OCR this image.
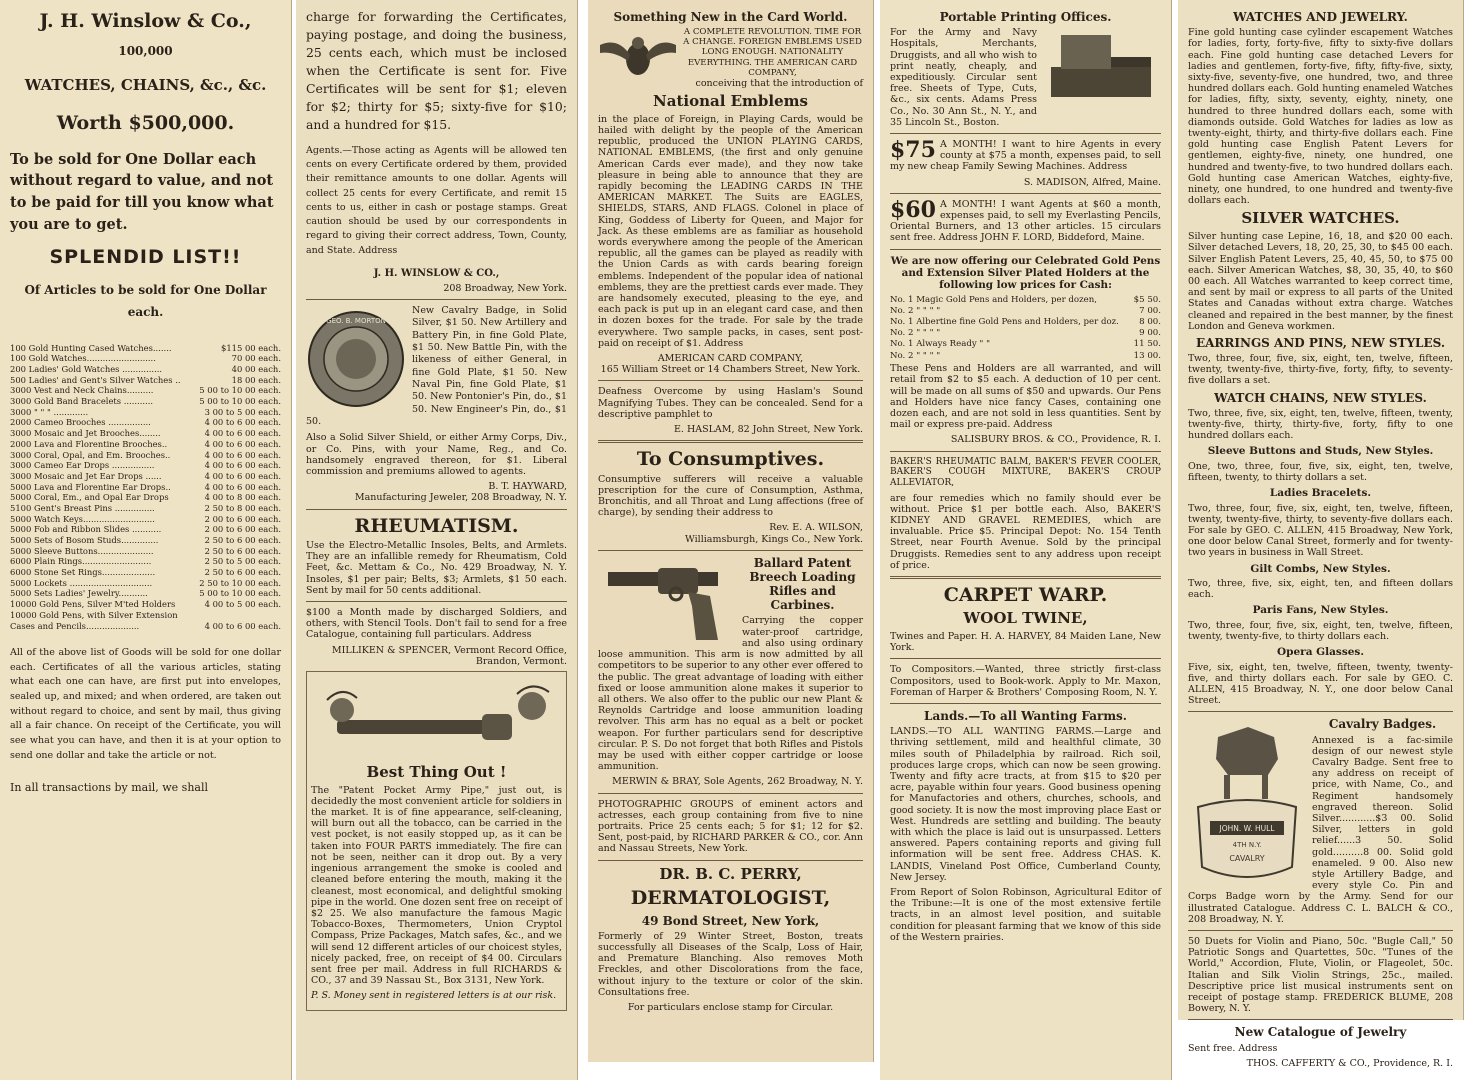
J. H. Winslow & Co.,
100,000
WATCHES, CHAINS, &c., &c.
Worth $500,000.
To be sold for One Dollar each without regard to value, and not to be paid for till you know what you are to get.
SPLENDID LIST!!
Of Articles to be sold for One Dollar each.
100 Gold Hunting Cased Watches.......	$115 00 each.
100 Gold Watches..........................	70 00 each.
200 Ladies' Gold Watches ...............	40 00 each.
500 Ladies' and Gent's Silver Watches ..	18 00 each.
3000 Vest and Neck Chains..........	5 00 to 10 00 each.
3000 Gold Band Bracelets ...........	5 00 to 10 00 each.
3000 " " " .............	3 00 to 5 00 each.
2000 Cameo Brooches ................	4 00 to 6 00 each.
3000 Mosaic and Jet Brooches........	4 00 to 6 00 each.
2000 Lava and Florentine Brooches..	4 00 to 6 00 each.
3000 Coral, Opal, and Em. Brooches..	4 00 to 6 00 each.
3000 Cameo Ear Drops ................	4 00 to 6 00 each.
3000 Mosaic and Jet Ear Drops ......	4 00 to 6 00 each.
5000 Lava and Florentine Ear Drops..	4 00 to 6 00 each.
5000 Coral, Em., and Opal Ear Drops	4 00 to 8 00 each.
5100 Gent's Breast Pins ...............	2 50 to 8 00 each.
5000 Watch Keys...........................	2 00 to 6 00 each.
5000 Fob and Ribbon Slides ...........	2 00 to 6 00 each.
5000 Sets of Bosom Studs..............	2 50 to 6 00 each.
5000 Sleeve Buttons.....................	2 50 to 6 00 each.
6000 Plain Rings..........................	2 50 to 5 00 each.
6000 Stone Set Rings....................	2 50 to 6 00 each.
5000 Lockets ...............................	2 50 to 10 00 each.
5000 Sets Ladies' Jewelry...........	5 00 to 10 00 each.
10000 Gold Pens, Silver M'ted Holders	4 00 to 5 00 each.
10000 Gold Pens, with Silver Extension	
Cases and Pencils....................	4 00 to 6 00 each.
All of the above list of Goods will be sold for one dollar each. Certificates of all the various articles, stating what each one can have, are first put into envelopes, sealed up, and mixed; and when ordered, are taken out without regard to choice, and sent by mail, thus giving all a fair chance. On receipt of the Certificate, you will see what you can have, and then it is at your option to send one dollar and take the article or not.
In all transactions by mail, we shall
charge for forwarding the Certificates, paying postage, and doing the business, 25 cents each, which must be inclosed when the Certificate is sent for. Five Certificates will be sent for $1; eleven for $2; thirty for $5; sixty-five for $10; and a hundred for $15.
Agents.—Those acting as Agents will be allowed ten cents on every Certificate ordered by them, provided their remittance amounts to one dollar. Agents will collect 25 cents for every Certificate, and remit 15 cents to us, either in cash or postage stamps. Great caution should be used by our correspondents in regard to giving their correct address, Town, County, and State. Address
J. H. WINSLOW & CO.,
208 Broadway, New York.
GEO. B. MORTON
New Cavalry Badge, in Solid Silver, $1 50. New Artillery and Battery Pin, in fine Gold Plate, $1 50. New Battle Pin, with the likeness of either General, in fine Gold Plate, $1 50. New Naval Pin, fine Gold Plate, $1 50. New Pontonier's Pin, do., $1 50. New Engineer's Pin, do., $1 50.
Also a Solid Silver Shield, or either Army Corps, Div., or Co. Pins, with your Name, Reg., and Co. handsomely engraved thereon, for $1. Liberal commission and premiums allowed to agents.
B. T. HAYWARD,
Manufacturing Jeweler, 208 Broadway, N. Y.
RHEUMATISM.
Use the Electro-Metallic Insoles, Belts, and Armlets. They are an infallible remedy for Rheumatism, Cold Feet, &c. Mettam & Co., No. 429 Broadway, N. Y. Insoles, $1 per pair; Belts, $3; Armlets, $1 50 each. Sent by mail for 50 cents additional.
$100 a Month made by discharged Soldiers, and others, with Stencil Tools. Don't fail to send for a free Catalogue, containing full particulars. Address
MILLIKEN & SPENCER, Vermont Record Office, Brandon, Vermont.
Best Thing Out !
The "Patent Pocket Army Pipe," just out, is decidedly the most convenient article for soldiers in the market. It is of fine appearance, self-cleaning, will burn out all the tobacco, can be carried in the vest pocket, is not easily stopped up, as it can be taken into FOUR PARTS immediately. The fire can not be seen, neither can it drop out. By a very ingenious arrangement the smoke is cooled and cleaned before entering the mouth, making it the cleanest, most economical, and delightful smoking pipe in the world. One dozen sent free on receipt of $2 25. We also manufacture the famous Magic Tobacco-Boxes, Thermometers, Union Cryptol Compass, Prize Packages, Match safes, &c., and we will send 12 different articles of our choicest styles, nicely packed, free, on receipt of $4 00. Circulars sent free per mail. Address in full RICHARDS & CO., 37 and 39 Nassau St., Box 3131, New York.
P. S. Money sent in registered letters is at our risk.
Something New in the Card World.
A COMPLETE REVOLUTION. TIME FOR A CHANGE. FOREIGN EMBLEMS USED LONG ENOUGH. NATIONALITY EVERYTHING. THE AMERICAN CARD COMPANY,
conceiving that the introduction of
National Emblems
in the place of Foreign, in Playing Cards, would be hailed with delight by the people of the American republic, produced the UNION PLAYING CARDS, NATIONAL EMBLEMS, (the first and only genuine American Cards ever made), and they now take pleasure in being able to announce that they are rapidly becoming the LEADING CARDS IN THE AMERICAN MARKET. The Suits are EAGLES, SHIELDS, STARS, AND FLAGS. Colonel in place of King, Goddess of Liberty for Queen, and Major for Jack. As these emblems are as familiar as household words everywhere among the people of the American republic, all the games can be played as readily with the Union Cards as with cards bearing foreign emblems. Independent of the popular idea of national emblems, they are the prettiest cards ever made. They are handsomely executed, pleasing to the eye, and each pack is put up in an elegant card case, and then in dozen boxes for the trade. For sale by the trade everywhere. Two sample packs, in cases, sent post-paid on receipt of $1. Address
AMERICAN CARD COMPANY,
165 William Street or 14 Chambers Street, New York.
Deafness Overcome by using Haslam's Sound Magnifying Tubes. They can be concealed. Send for a descriptive pamphlet to
E. HASLAM, 82 John Street, New York.
To Consumptives.
Consumptive sufferers will receive a valuable prescription for the cure of Consumption, Asthma, Bronchitis, and all Throat and Lung affections (free of charge), by sending their address to
Rev. E. A. WILSON,
Williamsburgh, Kings Co., New York.
Ballard Patent Breech Loading Rifles and Carbines.
Carrying the copper water-proof cartridge, and also using ordinary loose ammunition. This arm is now admitted by all competitors to be superior to any other ever offered to the public. The great advantage of loading with either fixed or loose ammunition alone makes it superior to all others. We also offer to the public our new Plant & Reynolds Cartridge and loose ammunition loading revolver. This arm has no equal as a belt or pocket weapon. For further particulars send for descriptive circular. P. S. Do not forget that both Rifles and Pistols may be used with either copper cartridge or loose ammunition.
MERWIN & BRAY, Sole Agents, 262 Broadway, N. Y.
PHOTOGRAPHIC GROUPS of eminent actors and actresses, each group containing from five to nine portraits. Price 25 cents each; 5 for $1; 12 for $2. Sent, post-paid, by RICHARD PARKER & CO., cor. Ann and Nassau Streets, New York.
DR. B. C. PERRY,
DERMATOLOGIST,
49 Bond Street, New York,
Formerly of 29 Winter Street, Boston, treats successfully all Diseases of the Scalp, Loss of Hair, and Premature Blanching. Also removes Moth Freckles, and other Discolorations from the face, without injury to the texture or color of the skin. Consultations free.
For particulars enclose stamp for Circular.
Portable Printing Offices.
For the Army and Navy Hospitals, Merchants, Druggists, and all who wish to print neatly, cheaply, and expeditiously. Circular sent free. Sheets of Type, Cuts, &c., six cents. Adams Press Co., No. 30 Ann St., N. Y., and 35 Lincoln St., Boston.
$75 A MONTH! I want to hire Agents in every county at $75 a month, expenses paid, to sell my new cheap Family Sewing Machines. Address
S. MADISON, Alfred, Maine.
$60 A MONTH! I want Agents at $60 a month, expenses paid, to sell my Everlasting Pencils, Oriental Burners, and 13 other articles. 15 circulars sent free. Address JOHN F. LORD, Biddeford, Maine.
We are now offering our Celebrated Gold Pens and Extension Silver Plated Holders at the following low prices for Cash:
No. 1 Magic Gold Pens and Holders, per dozen,	$5 50.
No. 2 " " " "	7 00.
No. 1 Albertine fine Gold Pens and Holders, per doz.	8 00.
No. 2 " " " "	9 00.
No. 1 Always Ready " "	11 50.
No. 2 " " " "	13 00.
These Pens and Holders are all warranted, and will retail from $2 to $5 each. A deduction of 10 per cent. will be made on all sums of $50 and upwards. Our Pens and Holders have nice fancy Cases, containing one dozen each, and are not sold in less quantities. Sent by mail or express pre-paid. Address
SALISBURY BROS. & CO., Providence, R. I.
BAKER'S RHEUMATIC BALM, BAKER'S FEVER COOLER, BAKER'S COUGH MIXTURE, BAKER'S CROUP ALLEVIATOR,
are four remedies which no family should ever be without. Price $1 per bottle each. Also, BAKER'S KIDNEY AND GRAVEL REMEDIES, which are invaluable. Price $5. Principal Depot: No. 154 Tenth Street, near Fourth Avenue. Sold by the principal Druggists. Remedies sent to any address upon receipt of price.
CARPET WARP.
WOOL TWINE,
Twines and Paper. H. A. HARVEY, 84 Maiden Lane, New York.
To Compositors.—Wanted, three strictly first-class Compositors, used to Book-work. Apply to Mr. Maxon, Foreman of Harper & Brothers' Composing Room, N. Y.
Lands.—To all Wanting Farms.
LANDS.—TO ALL WANTING FARMS.—Large and thriving settlement, mild and healthful climate, 30 miles south of Philadelphia by railroad. Rich soil, produces large crops, which can now be seen growing. Twenty and fifty acre tracts, at from $15 to $20 per acre, payable within four years. Good business opening for Manufactories and others, churches, schools, and good society. It is now the most improving place East or West. Hundreds are settling and building. The beauty with which the place is laid out is unsurpassed. Letters answered. Papers containing reports and giving full information will be sent free. Address CHAS. K. LANDIS, Vineland Post Office, Cumberland County, New Jersey.
From Report of Solon Robinson, Agricultural Editor of the Tribune:—It is one of the most extensive fertile tracts, in an almost level position, and suitable condition for pleasant farming that we know of this side of the Western prairies.
WATCHES AND JEWELRY.
Fine gold hunting case cylinder escapement Watches for ladies, forty, forty-five, fifty to sixty-five dollars each. Fine gold hunting case detached Levers for ladies and gentlemen, forty-five, fifty, fifty-five, sixty, sixty-five, seventy-five, one hundred, two, and three hundred dollars each. Gold hunting enameled Watches for ladies, fifty, sixty, seventy, eighty, ninety, one hundred to three hundred dollars each, some with diamonds outside. Gold Watches for ladies as low as twenty-eight, thirty, and thirty-five dollars each. Fine gold hunting case English Patent Levers for gentlemen, eighty-five, ninety, one hundred, one hundred and twenty-five, to two hundred dollars each. Gold hunting case American Watches, eighty-five, ninety, one hundred, to one hundred and twenty-five dollars each.
SILVER WATCHES.
Silver hunting case Lepine, 16, 18, and $20 00 each. Silver detached Levers, 18, 20, 25, 30, to $45 00 each. Silver English Patent Levers, 25, 40, 45, 50, to $75 00 each. Silver American Watches, $8, 30, 35, 40, to $60 00 each. All Watches warranted to keep correct time, and sent by mail or express to all parts of the United States and Canadas without extra charge. Watches cleaned and repaired in the best manner, by the finest London and Geneva workmen.
EARRINGS AND PINS, NEW STYLES.
Two, three, four, five, six, eight, ten, twelve, fifteen, twenty, twenty-five, thirty-five, forty, fifty, to seventy-five dollars a set.
WATCH CHAINS, NEW STYLES.
Two, three, five, six, eight, ten, twelve, fifteen, twenty, twenty-five, thirty, thirty-five, forty, fifty to one hundred dollars each.
Sleeve Buttons and Studs, New Styles.
One, two, three, four, five, six, eight, ten, twelve, fifteen, twenty, to thirty dollars a set.
Ladies Bracelets.
Two, three, four, five, six, eight, ten, twelve, fifteen, twenty, twenty-five, thirty, to seventy-five dollars each. For sale by GEO. C. ALLEN, 415 Broadway, New York, one door below Canal Street, formerly and for twenty-two years in business in Wall Street.
Gilt Combs, New Styles.
Two, three, five, six, eight, ten, and fifteen dollars each.
Paris Fans, New Styles.
Two, three, four, five, six, eight, ten, twelve, fifteen, twenty, twenty-five, to thirty dollars each.
Opera Glasses.
Five, six, eight, ten, twelve, fifteen, twenty, twenty-five, and thirty dollars each. For sale by GEO. C. ALLEN, 415 Broadway, N. Y., one door below Canal Street.
JOHN. W. HULL
4TH N.Y.
CAVALRY
Cavalry Badges.
Annexed is a fac-simile design of our newest style Cavalry Badge. Sent free to any address on receipt of price, with Name, Co., and Regiment handsomely engraved thereon. Solid Silver............$3 00. Solid Silver, letters in gold relief......3 50. Solid gold..........8 00. Solid gold enameled. 9 00. Also new style Artillery Badge, and every style Co. Pin and Corps Badge worn by the Army. Send for our illustrated Catalogue. Address C. L. BALCH & CO., 208 Broadway, N. Y.
50 Duets for Violin and Piano, 50c. "Bugle Call," 50 Patriotic Songs and Quartettes, 50c. "Tunes of the World," Accordion, Flute, Violin, or Flageolet, 50c. Italian and Silk Violin Strings, 25c., mailed. Descriptive price list musical instruments sent on receipt of postage stamp. FREDERICK BLUME, 208 Bowery, N. Y.
New Catalogue of Jewelry
Sent free. Address
THOS. CAFFERTY & CO., Providence, R. I.
